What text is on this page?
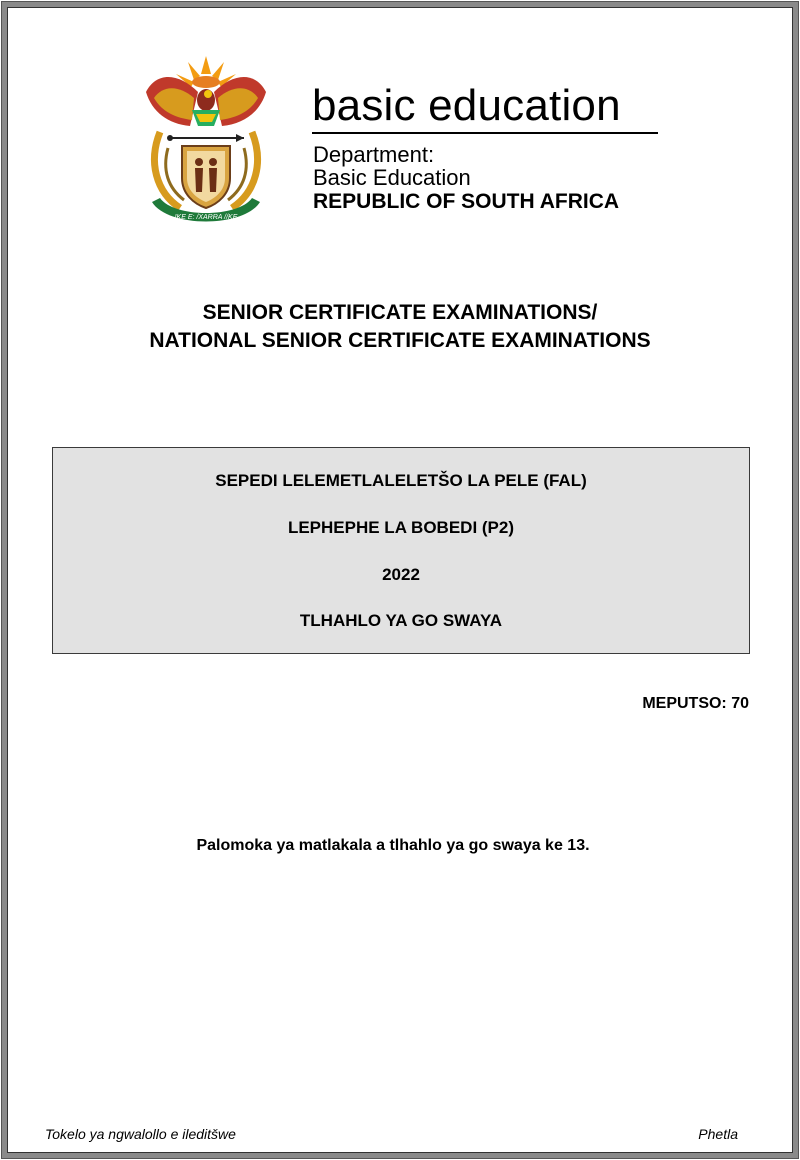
!KE E: /XARRA //KE
basic education
Department:
Basic Education
REPUBLIC OF SOUTH AFRICA
SENIOR CERTIFICATE EXAMINATIONS/
NATIONAL SENIOR CERTIFICATE EXAMINATIONS
SEPEDI LELEMETLALELETŠO LA PELE (FAL)
LEPHEPHE LA BOBEDI (P2)
2022
TLHAHLO YA GO SWAYA
MEPUTSO: 70
Palomoka ya matlakala a tlhahlo ya go swaya ke 13.
Tokelo ya ngwalollo e ileditšwe	Phetla
